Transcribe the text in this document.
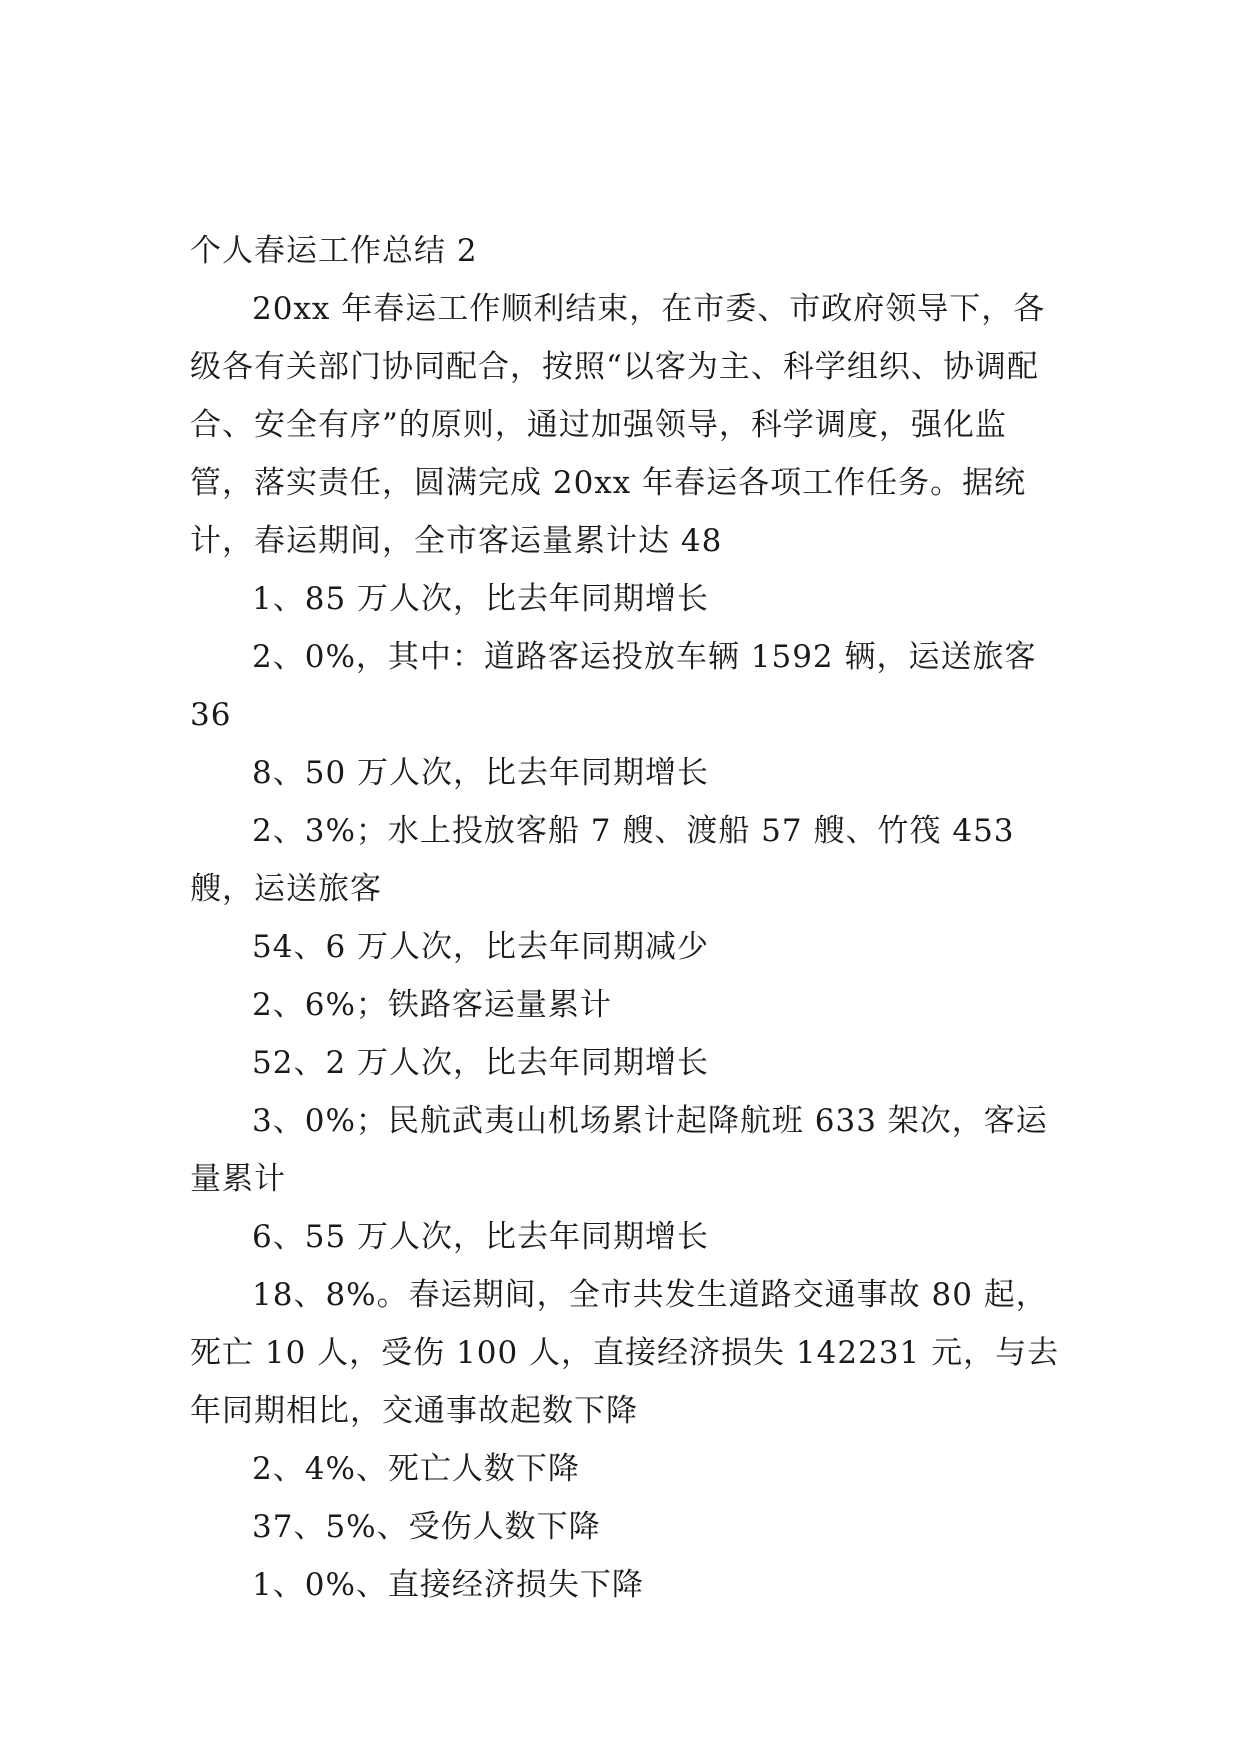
个人春运工作总结 2

20xx 年春运工作顺利结束，在市委、市政府领导下，各级各有关部门协同配合，按照“以客为主、科学组织、协调配合、安全有序”的原则，通过加强领导，科学调度，强化监管，落实责任，圆满完成 20xx 年春运各项工作任务。据统计，春运期间，全市客运量累计达 48

1、85 万人次，比去年同期增长

2、0%，其中：道路客运投放车辆 1592 辆，运送旅客 36

8、50 万人次，比去年同期增长

2、3%；水上投放客船 7 艘、渡船 57 艘、竹筏 453 艘，运送旅客

54、6 万人次，比去年同期减少

2、6%；铁路客运量累计

52、2 万人次，比去年同期增长

3、0%；民航武夷山机场累计起降航班 633 架次，客运量累计

6、55 万人次，比去年同期增长

18、8%。春运期间，全市共发生道路交通事故 80 起，死亡 10 人，受伤 100 人，直接经济损失 142231 元，与去年同期相比，交通事故起数下降

2、4%、死亡人数下降

37、5%、受伤人数下降

1、0%、直接经济损失下降
